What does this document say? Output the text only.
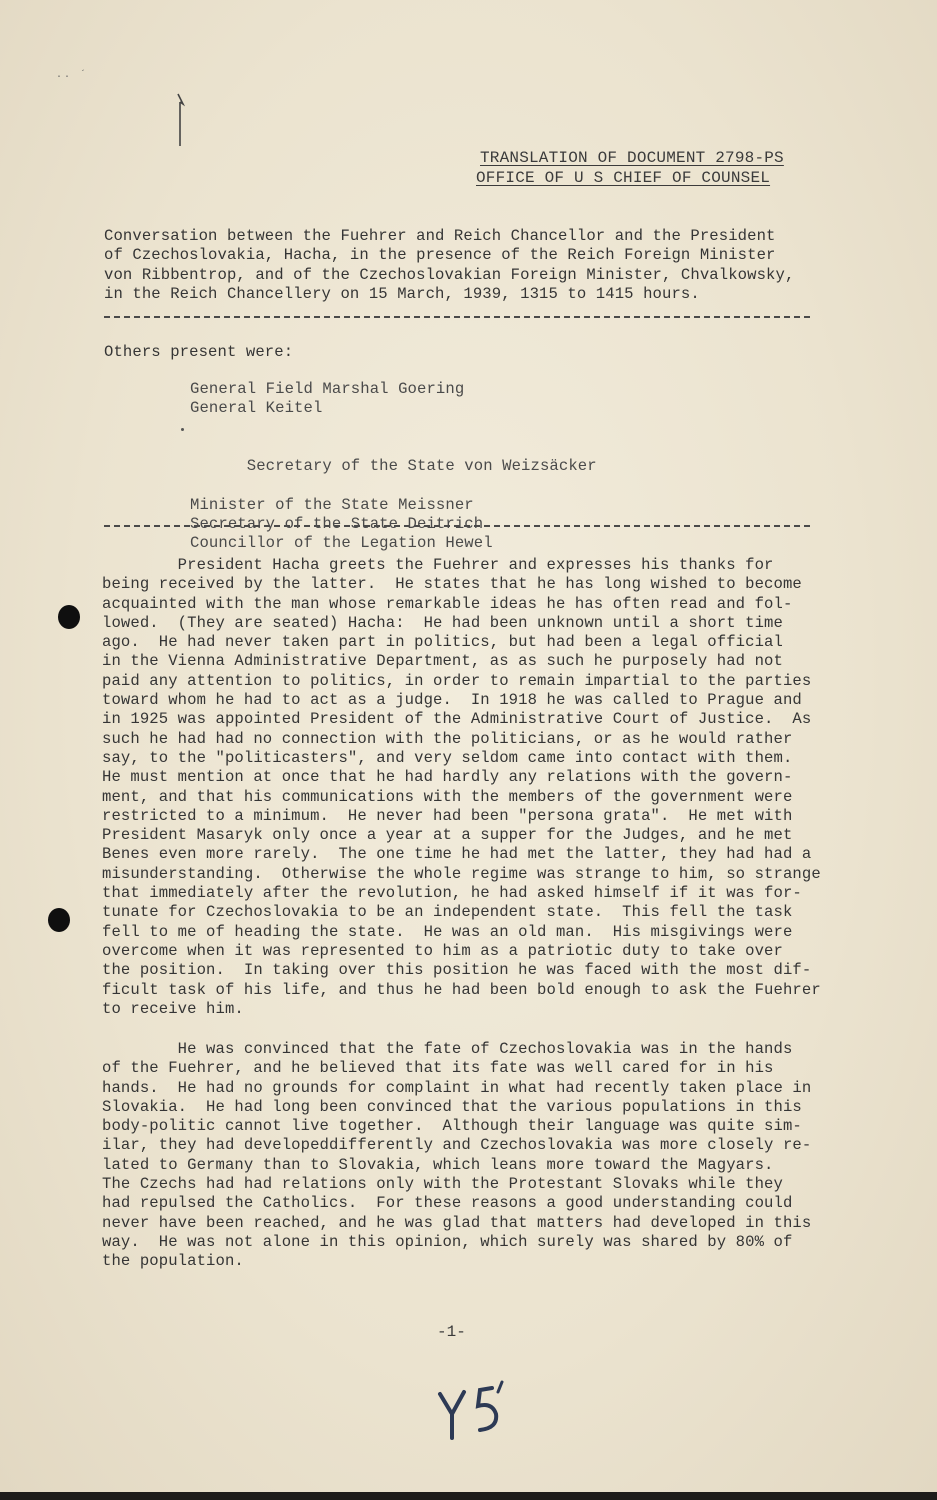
.. ´
TRANSLATION OF DOCUMENT 2798-PS
OFFICE OF U S CHIEF OF COUNSEL
Conversation between the Fuehrer and Reich Chancellor and the President
of Czechoslovakia, Hacha, in the presence of the Reich Foreign Minister
von Ribbentrop, and of the Czechoslovakian Foreign Minister, Chvalkowsky,
in the Reich Chancellery on 15 March, 1939, 1315 to 1415 hours.
Others present were:
General Field Marshal Goering
General Keitel

Secretary of the State von Weizsäcker

Minister of the State Meissner
Secretary of the State Deitrich
Councillor of the Legation Hewel
President Hacha greets the Fuehrer and expresses his thanks for
being received by the latter.  He states that he has long wished to become
acquainted with the man whose remarkable ideas he has often read and fol-
lowed.  (They are seated) Hacha:  He had been unknown until a short time
ago.  He had never taken part in politics, but had been a legal official
in the Vienna Administrative Department, as as such he purposely had not
paid any attention to politics, in order to remain impartial to the parties
toward whom he had to act as a judge.  In 1918 he was called to Prague and
in 1925 was appointed President of the Administrative Court of Justice.  As
such he had had no connection with the politicians, or as he would rather
say, to the "politicasters", and very seldom came into contact with them.
He must mention at once that he had hardly any relations with the govern-
ment, and that his communications with the members of the government were
restricted to a minimum.  He never had been "persona grata".  He met with
President Masaryk only once a year at a supper for the Judges, and he met
Benes even more rarely.  The one time he had met the latter, they had had a
misunderstanding.  Otherwise the whole regime was strange to him, so strange
that immediately after the revolution, he had asked himself if it was for-
tunate for Czechoslovakia to be an independent state.  This fell the task
fell to me of heading the state.  He was an old man.  His misgivings were
overcome when it was represented to him as a patriotic duty to take over
the position.  In taking over this position he was faced with the most dif-
ficult task of his life, and thus he had been bold enough to ask the Fuehrer
to receive him.
He was convinced that the fate of Czechoslovakia was in the hands
of the Fuehrer, and he believed that its fate was well cared for in his
hands.  He had no grounds for complaint in what had recently taken place in
Slovakia.  He had long been convinced that the various populations in this
body-politic cannot live together.  Although their language was quite sim-
ilar, they had developeddifferently and Czechoslovakia was more closely re-
lated to Germany than to Slovakia, which leans more toward the Magyars.
The Czechs had had relations only with the Protestant Slovaks while they
had repulsed the Catholics.  For these reasons a good understanding could
never have been reached, and he was glad that matters had developed in this
way.  He was not alone in this opinion, which surely was shared by 80% of
the population.
-1-
